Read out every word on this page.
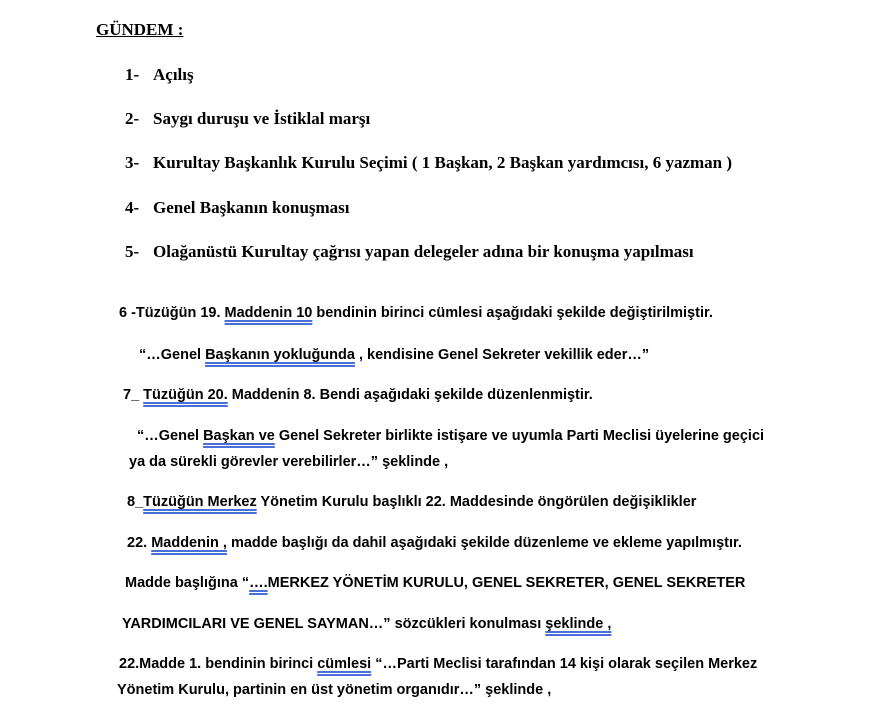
GÜNDEM :
1- Açılış
2- Saygı duruşu ve İstiklal marşı
3- Kurultay Başkanlık Kurulu Seçimi ( 1 Başkan, 2 Başkan yardımcısı, 6 yazman )
4- Genel Başkanın konuşması
5- Olağanüstü Kurultay çağrısı yapan delegeler adına bir konuşma yapılması
6 -Tüzüğün 19. Maddenin 10 bendinin birinci cümlesi aşağıdaki şekilde değiştirilmiştir.
“…Genel Başkanın yokluğunda , kendisine Genel Sekreter vekillik eder…”
7_ Tüzüğün 20. Maddenin 8. Bendi aşağıdaki şekilde düzenlenmiştir.
“…Genel Başkan ve Genel Sekreter birlikte istişare ve uyumla Parti Meclisi üyelerine geçici
ya da sürekli görevler verebilirler…” şeklinde ,
8_Tüzüğün Merkez Yönetim Kurulu başlıklı 22. Maddesinde öngörülen değişiklikler
22. Maddenin , madde başlığı da dahil aşağıdaki şekilde düzenleme ve ekleme yapılmıştır.
Madde başlığına “….MERKEZ YÖNETİM KURULU, GENEL SEKRETER, GENEL SEKRETER
YARDIMCILARI VE GENEL SAYMAN…” sözcükleri konulması şeklinde ,
22.Madde 1. bendinin birinci cümlesi “…Parti Meclisi tarafından 14 kişi olarak seçilen Merkez
Yönetim Kurulu, partinin en üst yönetim organıdır…” şeklinde ,
